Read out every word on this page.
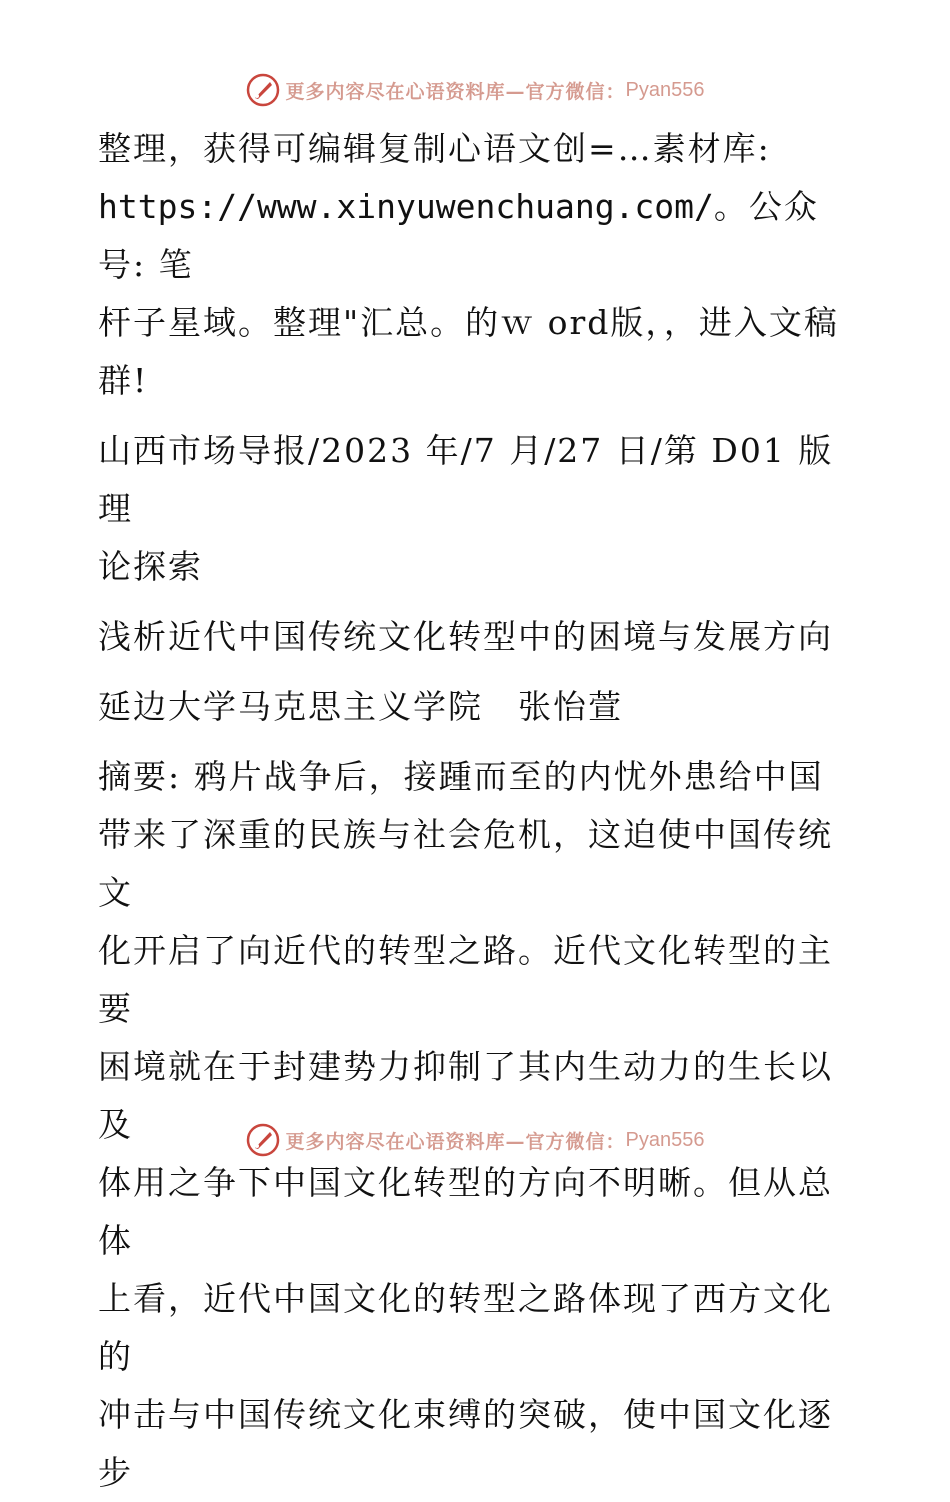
更多内容尽在心语资料库—官方微信： Pyan556

整理，获得可编辑复制心语文创=…素材库:

https://www.xinyuwenchuang.com/。公众号: 笔

杆子星域。整理"汇总。的ｗ ord版，，进入文稿

群!

山西市场导报/2023 年/7 月/27 日/第 D01 版理

论探索

浅析近代中国传统文化转型中的困境与发展方向

延边大学马克思主义学院　张怡萱

摘要: 鸦片战争后，接踵而至的内忧外患给中国

带来了深重的民族与社会危机，这迫使中国传统文

化开启了向近代的转型之路。近代文化转型的主要

困境就在于封建势力抑制了其内生动力的生长以及

体用之争下中国文化转型的方向不明晰。但从总体

上看，近代中国文化的转型之路体现了西方文化的

冲击与中国传统文化束缚的突破，使中国文化逐步

更多内容尽在心语资料库—官方微信： Pyan556
